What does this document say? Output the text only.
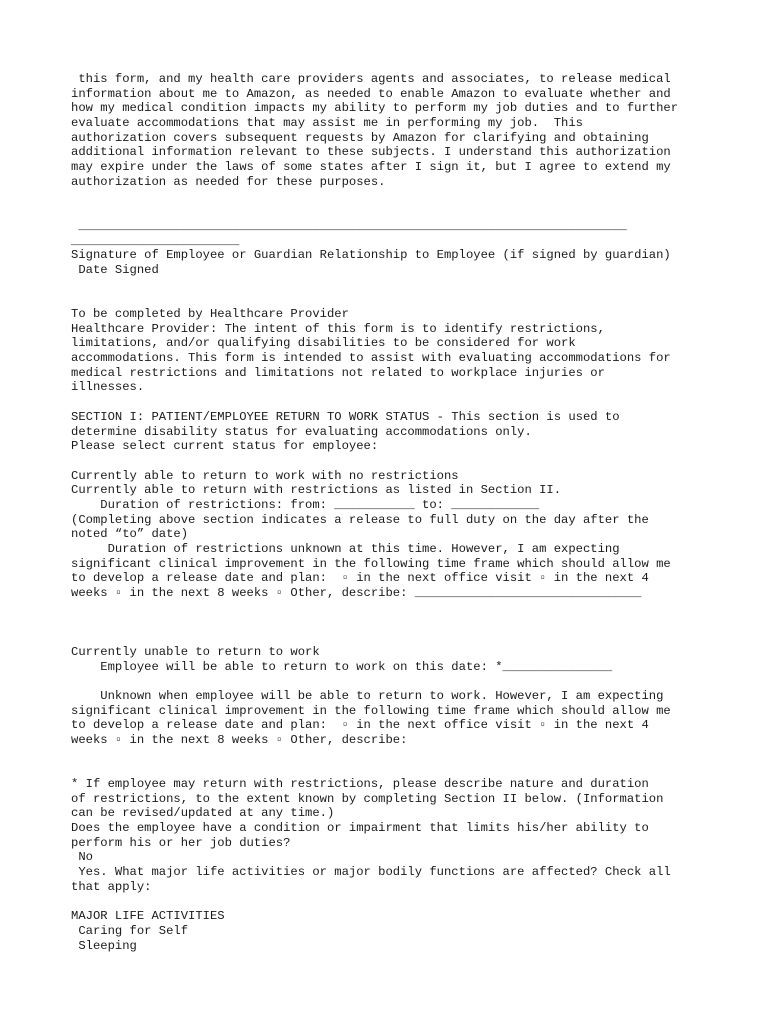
this form, and my health care providers agents and associates, to release medical
information about me to Amazon, as needed to enable Amazon to evaluate whether and
how my medical condition impacts my ability to perform my job duties and to further
evaluate accommodations that may assist me in performing my job.  This
authorization covers subsequent requests by Amazon for clarifying and obtaining
additional information relevant to these subjects. I understand this authorization
may expire under the laws of some states after I sign it, but I agree to extend my
authorization as needed for these purposes.
___________________________________________________________________________
_______________________
Signature of Employee or Guardian Relationship to Employee (if signed by guardian)
Date Signed
To be completed by Healthcare Provider
Healthcare Provider: The intent of this form is to identify restrictions,
limitations, and/or qualifying disabilities to be considered for work
accommodations. This form is intended to assist with evaluating accommodations for
medical restrictions and limitations not related to workplace injuries or
illnesses.
SECTION I: PATIENT/EMPLOYEE RETURN TO WORK STATUS - This section is used to
determine disability status for evaluating accommodations only.
Please select current status for employee:
Currently able to return to work with no restrictions
Currently able to return with restrictions as listed in Section II.
Duration of restrictions: from: ___________ to: ____________
(Completing above section indicates a release to full duty on the day after the
noted “to” date)
Duration of restrictions unknown at this time. However, I am expecting
significant clinical improvement in the following time frame which should allow me
to develop a release date and plan:  ▫ in the next office visit ▫ in the next 4
weeks ▫ in the next 8 weeks ▫ Other, describe: _______________________________
Currently unable to return to work
Employee will be able to return to work on this date: *_______________
Unknown when employee will be able to return to work. However, I am expecting
significant clinical improvement in the following time frame which should allow me
to develop a release date and plan:  ▫ in the next office visit ▫ in the next 4
weeks ▫ in the next 8 weeks ▫ Other, describe:
* If employee may return with restrictions, please describe nature and duration
of restrictions, to the extent known by completing Section II below. (Information
can be revised/updated at any time.)
Does the employee have a condition or impairment that limits his/her ability to
perform his or her job duties?
No
Yes. What major life activities or major bodily functions are affected? Check all
that apply:
MAJOR LIFE ACTIVITIES
Caring for Self
Sleeping
